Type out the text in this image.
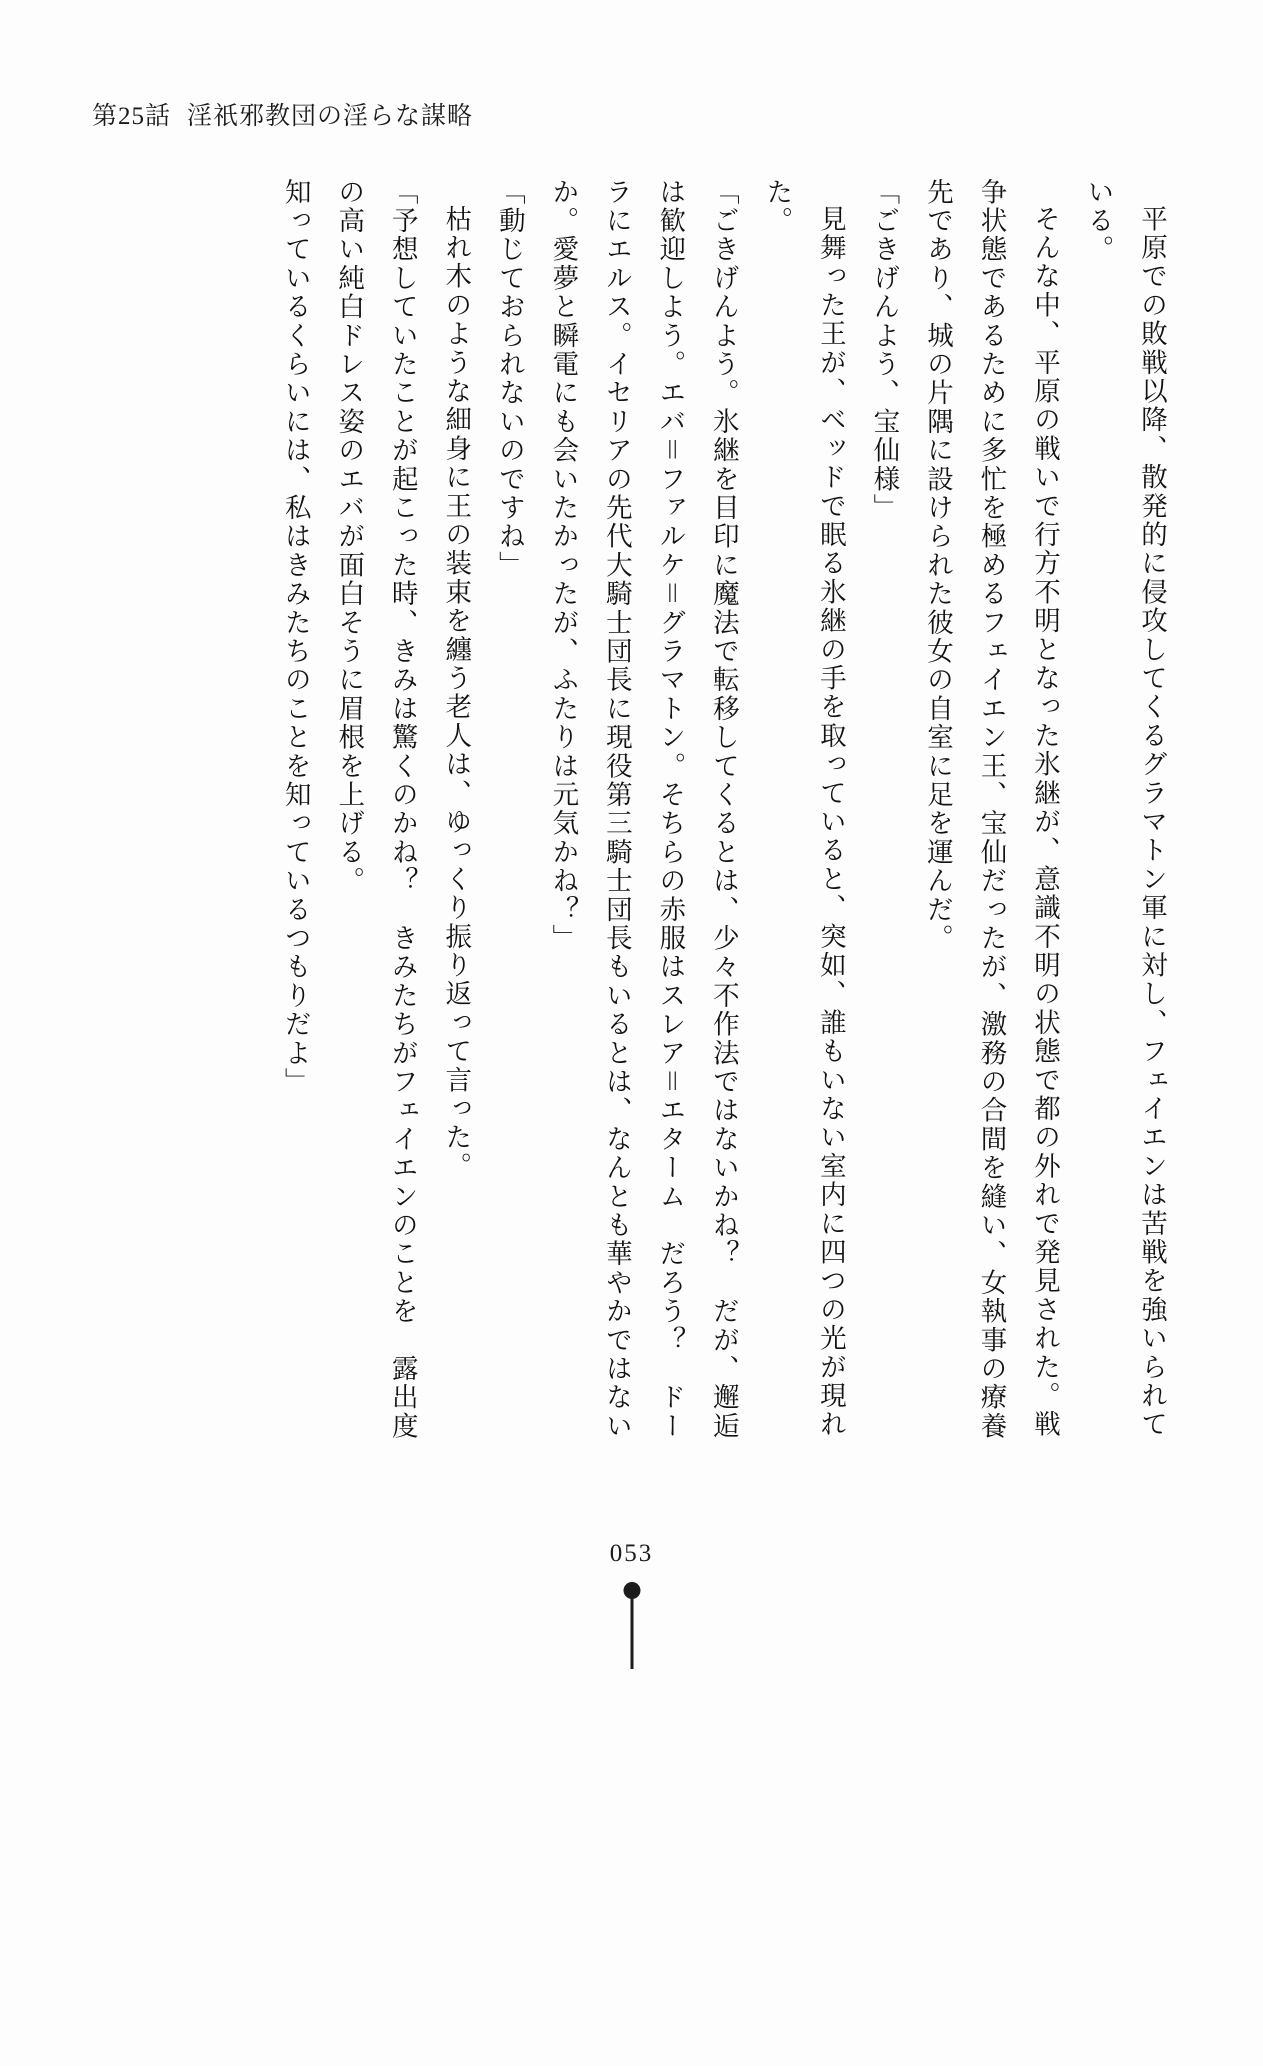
第25話 淫祇邪教団の淫らな謀略

平原での敗戦以降、散発的に侵攻してくるグラマトン軍に対し、フェイエンは苦戦を強いられている。

そんな中、平原の戦いで行方不明となった氷継が、意識不明の状態で都の外れで発見された。戦争状態であるために多忙を極めるフェイエン王、宝仙だったが、激務の合間を縫い、女執事の療養先であり、城の片隅に設けられた彼女の自室に足を運んだ。

「ごきげんよう、宝仙様」

見舞った王が、ベッドで眠る氷継の手を取っていると、突如、誰もいない室内に四つの光が現れた。

「ごきげんよう。氷継を目印に魔法で転移してくるとは、少々不作法ではないかね？　だが、邂逅は歓迎しよう。エバ＝ファルケ＝グラマトン。そちらの赤服はスレア＝エターム　だろう？　ドーラにエルス。イセリアの先代大騎士団長に現役第三騎士団長もいるとは、なんとも華やかではないか。愛夢と瞬電にも会いたかったが、ふたりは元気かね？」

「動じておられないのですね」

枯れ木のような細身に王の装束を纏う老人は、ゆっくり振り返って言った。

「予想していたことが起こった時、きみは驚くのかね？　きみたちがフェイエンのことを　露出度の高い純白ドレス姿のエバが面白そうに眉根を上げる。

知っているくらいには、私はきみたちのことを知っているつもりだよ」

053
